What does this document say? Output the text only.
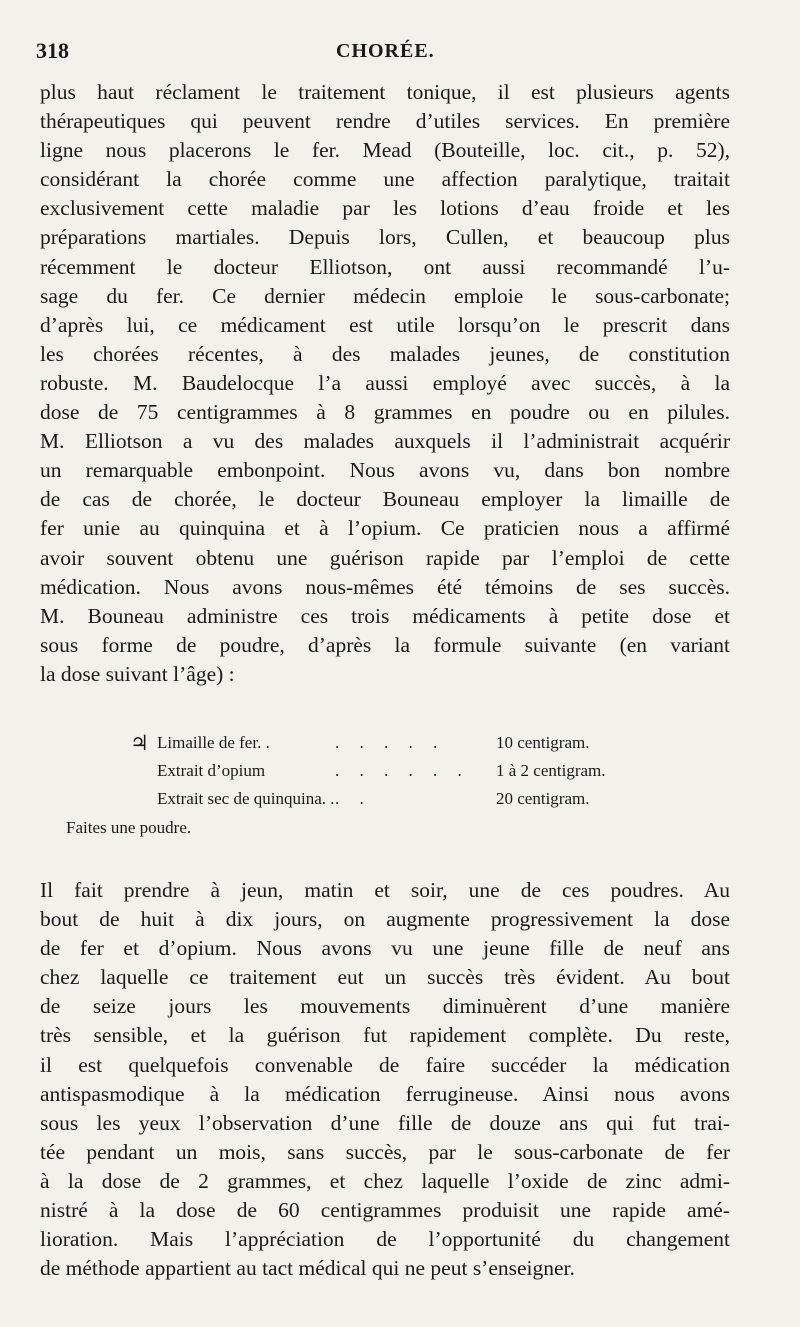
318	CHORÉE.
plus haut réclament le traitement tonique, il est plusieurs agents
thérapeutiques qui peuvent rendre d’utiles services. En première
ligne nous placerons le fer. Mead (Bouteille, loc. cit., p. 52),
considérant la chorée comme une affection paralytique, traitait
exclusivement cette maladie par les lotions d’eau froide et les
préparations martiales. Depuis lors, Cullen, et beaucoup plus
récemment le docteur Elliotson, ont aussi recommandé l’u-
sage du fer. Ce dernier médecin emploie le sous-carbonate;
d’après lui, ce médicament est utile lorsqu’on le prescrit dans
les chorées récentes, à des malades jeunes, de constitution
robuste. M. Baudelocque l’a aussi employé avec succès, à la
dose de 75 centigrammes à 8 grammes en poudre ou en pilules.
M. Elliotson a vu des malades auxquels il l’administrait acquérir
un remarquable embonpoint. Nous avons vu, dans bon nombre
de cas de chorée, le docteur Bouneau employer la limaille de
fer unie au quinquina et à l’opium. Ce praticien nous a affirmé
avoir souvent obtenu une guérison rapide par l’emploi de cette
médication. Nous avons nous-mêmes été témoins de ses succès.
M. Bouneau administre ces trois médicaments à petite dose et
sous forme de poudre, d’après la formule suivante (en variant
la dose suivant l’âge) :
♃ Limaille de fer. .	. . . . .	10 centigram.
Extrait d’opium	. . . . . . 1 à 2 centigram.
Extrait sec de quinquina. . . .	20 centigram.
Faites une poudre.
Il fait prendre à jeun, matin et soir, une de ces poudres. Au
bout de huit à dix jours, on augmente progressivement la dose
de fer et d’opium. Nous avons vu une jeune fille de neuf ans
chez laquelle ce traitement eut un succès très évident. Au bout
de seize jours les mouvements diminuèrent d’une manière
très sensible, et la guérison fut rapidement complète. Du reste,
il est quelquefois convenable de faire succéder la médication
antispasmodique à la médication ferrugineuse. Ainsi nous avons
sous les yeux l’observation d’une fille de douze ans qui fut trai-
tée pendant un mois, sans succès, par le sous-carbonate de fer
à la dose de 2 grammes, et chez laquelle l’oxide de zinc admi-
nistré à la dose de 60 centigrammes produisit une rapide amé-
lioration. Mais l’appréciation de l’opportunité du changement
de méthode appartient au tact médical qui ne peut s’enseigner.
